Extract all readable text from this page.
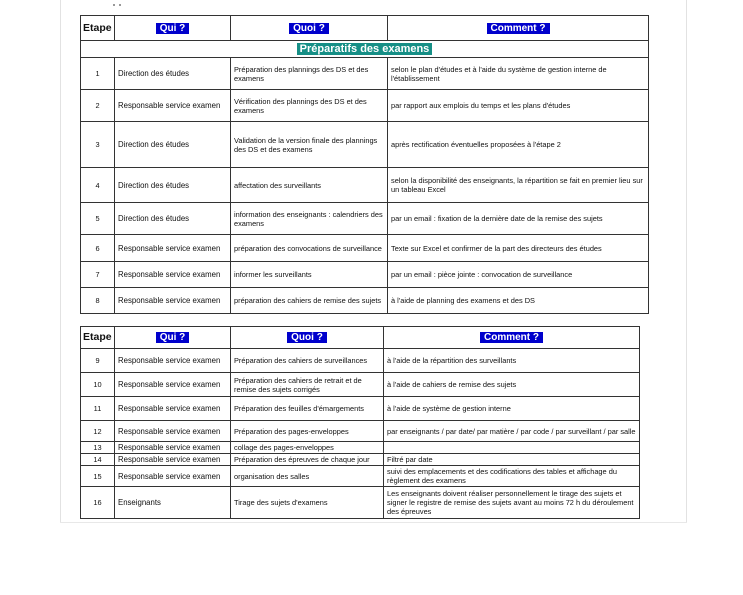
Etape	Qui ?	Quoi ?	Comment ?
Préparatifs des examens			
1	Direction des études	Préparation des plannings des DS et des examens	selon le plan d'études et à l'aide du système de gestion interne de l'établissement
2	Responsable service examen	Vérification des plannings des DS et des examens	par rapport aux emplois du temps et les plans d'études
3	Direction des études	Validation de la version finale des plannings des DS et des examens	après rectification éventuelles proposées à l'étape 2
4	Direction des études	affectation des surveillants	selon la disponibilité des enseignants, la répartition se fait en premier lieu sur un tableau Excel
5	Direction des études	information des enseignants : calendriers des examens	par un email : fixation de la dernière date de la remise des sujets
6	Responsable service examen	préparation des convocations de surveillance	Texte sur Excel et confirmer de la part des directeurs des études
7	Responsable service examen	informer les surveillants	par un email : pièce jointe : convocation de surveillance
8	Responsable service examen	préparation des cahiers de remise des sujets	à l'aide de planning des examens et des DS
Etape	Qui ?	Quoi ?	Comment ?
9	Responsable service examen	Préparation des cahiers de surveillances	à l'aide de la répartition des surveillants
10	Responsable service examen	Préparation des cahiers de retrait et de remise des sujets corrigés	à l'aide de cahiers de remise des sujets
11	Responsable service examen	Préparation des feuilles d'émargements	à l'aide de système de gestion interne
12	Responsable service examen	Préparation des pages-enveloppes	par enseignants / par date/ par matière / par code / par surveillant / par salle
13	Responsable service examen	collage des pages-enveloppes	
14	Responsable service examen	Préparation des épreuves de chaque jour	Filtré par date
15	Responsable service examen	organisation des salles	suivi des emplacements et des codifications des tables et affichage du règlement des examens
16	Enseignants	Tirage des sujets d'examens	Les enseignants doivent réaliser personnellement le tirage des sujets et signer le registre de remise des sujets avant au moins 72 h du déroulement des épreuves
